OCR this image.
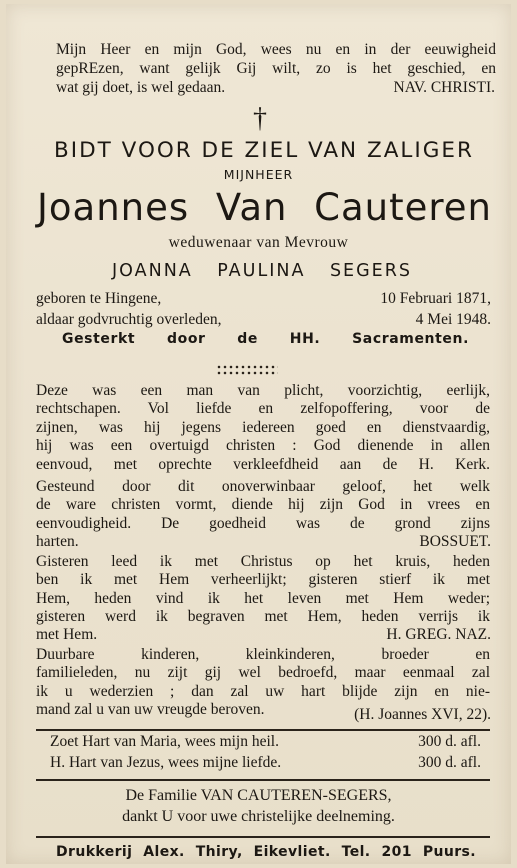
Mijn Heer en mijn God, wees nu en in der eeuwigheid
gepREzen, want gelijk Gij wilt, zo is het geschied, en
wat gij doet, is wel gedaan.	NAV. CHRISTI.
†
BIDT VOOR DE ZIEL VAN ZALIGER
MIJNHEER
Joannes Van Cauteren
weduwenaar van Mevrouw
JOANNA PAULINA SEGERS
geboren te Hingene,	10 Februari 1871,
aldaar godvruchtig overleden,	4 Mei 1948.
Gesterkt door de HH. Sacramenten.
Deze was een man van plicht, voorzichtig, eerlijk,
rechtschapen. Vol liefde en zelfopoffering, voor de
zijnen, was hij jegens iedereen goed en dienstvaardig,
hij was een overtuigd christen : God dienende in allen
eenvoud, met oprechte verkleefdheid aan de H. Kerk.
Gesteund door dit onoverwinbaar geloof, het welk
de ware christen vormt, diende hij zijn God in vrees en
eenvoudigheid. De goedheid was de grond zijns
harten.	BOSSUET.
Gisteren leed ik met Christus op het kruis, heden
ben ik met Hem verheerlijkt; gisteren stierf ik met
Hem, heden vind ik het leven met Hem weder;
gisteren werd ik begraven met Hem, heden verrijs ik
met Hem.	H. GREG. NAZ.
Duurbare kinderen, kleinkinderen, broeder en
familieleden, nu zijt gij wel bedroefd, maar eenmaal zal
ik u wederzien ; dan zal uw hart blijde zijn en nie-
mand zal u van uw vreugde beroven.	(H. Joannes XVI, 22).
Zoet Hart van Maria, wees mijn heil.	300 d. afl.
H. Hart van Jezus, wees mijne liefde.	300 d. afl.
De Familie VAN CAUTEREN-SEGERS,
dankt U voor uwe christelijke deelneming.
Drukkerij Alex. Thiry, Eikevliet. Tel. 201 Puurs.
